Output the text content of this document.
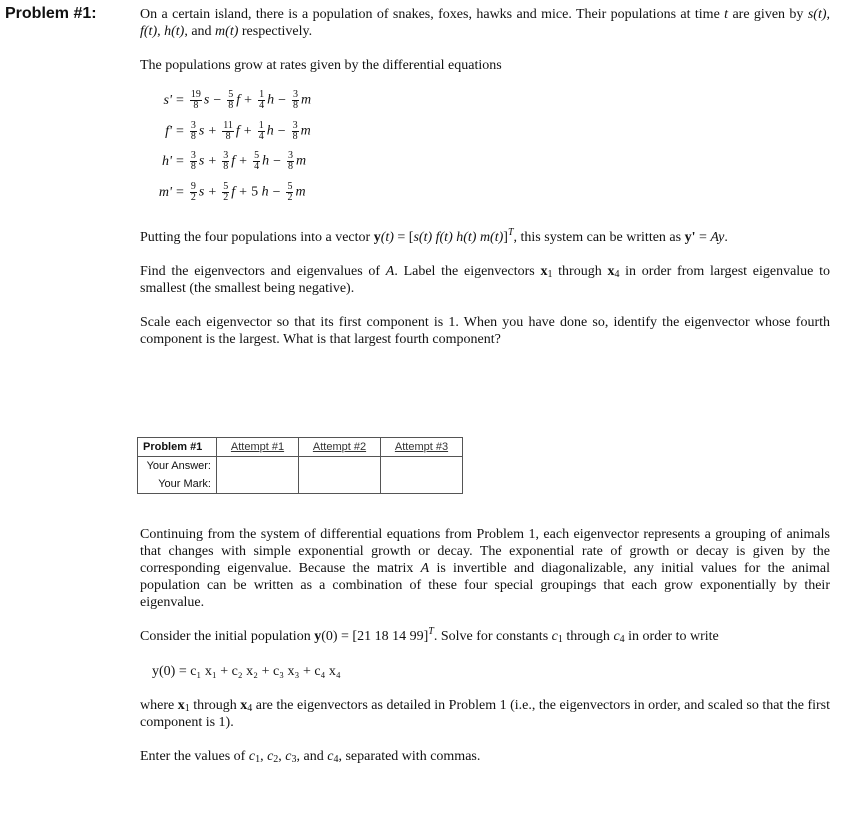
Problem #1:	On a certain island, there is a population of snakes, foxes, hawks and mice. Their populations at time t are given by s(t), f(t), h(t), and m(t) respectively.
The populations grow at rates given by the differential equations
$s' = \frac{19}{8}$ $s - \frac{5}{8}$ $f + \frac{1}{4}$ $h - \frac{3}{8}$ m
$f' = \frac{3}{8}$ $s + \frac{11}{8}$ $f + \frac{1}{4}$ $h - \frac{3}{8}$ m
$h' = \frac{3}{8}$ $s + \frac{3}{8}$ $f + \frac{5}{4}$ $h - \frac{3}{8}$ m
$m' = \frac{9}{2}$ $s + \frac{5}{2}$ f + 5 $h - \frac{5}{2}$ m
Putting the four populations into a vector y(t) = [s(t) f(t) h(t) m(t)]$^T$, this system can be written as y' = Ay.
Find the eigenvectors and eigenvalues of A. Label the eigenvectors $x_1$ through $x_4$ in order from largest eigenvalue to smallest (the smallest being negative).
Scale each eigenvector so that its first component is 1. When you have done so, identify the eigenvector whose fourth component is the largest. What is that largest fourth component?
Problem #1	Attempt #1	Attempt #2	Attempt #3
Your Answer:			
Your Mark:			
Continuing from the system of differential equations from Problem 1, each eigenvector represents a grouping of animals that changes with simple exponential growth or decay. The exponential rate of growth or decay is given by the corresponding eigenvalue. Because the matrix A is invertible and diagonalizable, any initial values for the animal population can be written as a combination of these four special groupings that each grow exponentially by their eigenvalue.
Consider the initial population y(0) = [21 18 14 99]$^T$. Solve for constants $c_1$ through $c_4$ in order to write
y(0) = c₁ x₁ + c₂ x₂ + c₃ x₃ + c₄ x₄
where $x_1$ through $x_4$ are the eigenvectors as detailed in Problem 1 (i.e., the eigenvectors in order, and scaled so that the first component is 1).
Enter the values of $c_1$, $c_2$, $c_3$, and $c_4$, separated with commas.
